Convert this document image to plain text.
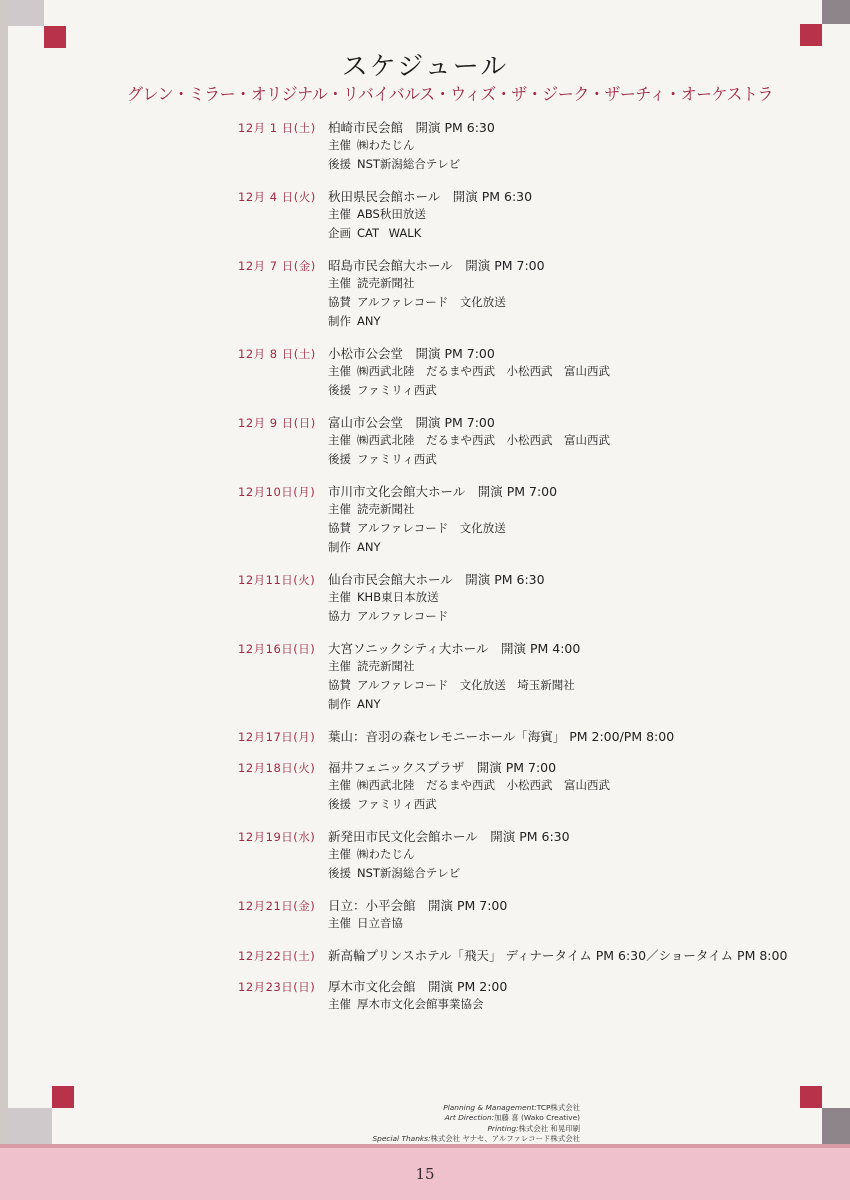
スケジュール
グレン・ミラー・オリジナル・リバイバルス・ウィズ・ザ・ジーク・ザーチィ・オーケストラ
12月 1 日(土) 柏崎市民会館　開演 PM 6:30
主催 ㈱わたじん
後援 NST新潟総合テレビ
12月 4 日(火) 秋田県民会館ホール　開演 PM 6:30
主催 ABS秋田放送
企画 CAT WALK
12月 7 日(金) 昭島市民会館大ホール　開演 PM 7:00
主催 読売新聞社
協賛 アルファレコード　文化放送
制作 ANY
12月 8 日(土) 小松市公会堂　開演 PM 7:00
主催 ㈱西武北陸　だるまや西武　小松西武　富山西武
後援 ファミリィ西武
12月 9 日(日) 富山市公会堂　開演 PM 7:00
主催 ㈱西武北陸　だるまや西武　小松西武　富山西武
後援 ファミリィ西武
12月10日(月)	市川市文化会館大ホール　開演 PM 7:00
主催 読売新聞社
協賛 アルファレコード　文化放送
制作 ANY
12月11日(火)	仙台市民会館大ホール　開演 PM 6:30
主催 KHB東日本放送
協力 アルファレコード
12月16日(日)	大宮ソニックシティ大ホール　開演 PM 4:00
主催 読売新聞社
協賛 アルファレコード　文化放送　埼玉新聞社
制作 ANY
12月17日(月)	葉山：音羽の森セレモニーホール「海賓」 PM 2:00/PM 8:00
12月18日(火)	福井フェニックスプラザ　開演 PM 7:00
主催 ㈱西武北陸　だるまや西武　小松西武　富山西武
後援 ファミリィ西武
12月19日(水)	新発田市民文化会館ホール　開演 PM 6:30
主催 ㈱わたじん
後援 NST新潟総合テレビ
12月21日(金)	日立：小平会館　開演 PM 7:00
主催 日立音協
12月22日(土)	新高輪プリンスホテル「飛天」 ディナータイム PM 6:30／ショータイム PM 8:00
12月23日(日)	厚木市文化会館　開演 PM 2:00
主催 厚木市文化会館事業協会
Planning & Management:TCP株式会社
Art Direction:加藤 喜 (Wako Creative)
Printing:株式会社 和晃印刷
Special Thanks:株式会社 ヤナセ、アルファレコード株式会社
15
